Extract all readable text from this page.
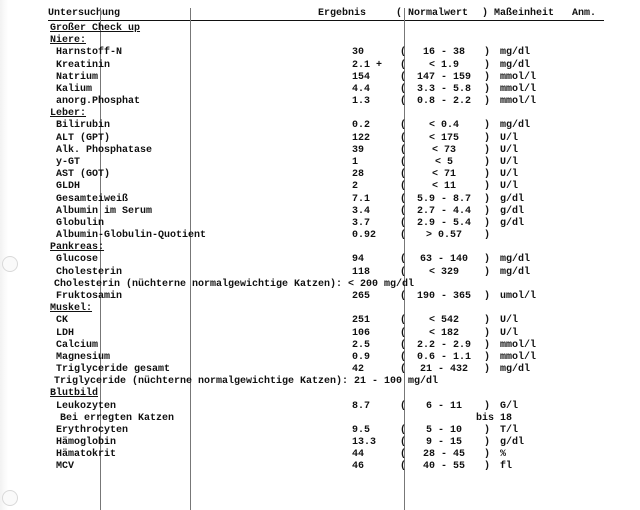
Untersuchung	Ergebnis	( Normalwert ) Maßeinheit Anm.
Großer Check up
Niere:
Harnstoff-N	30	(	16 - 38	) mg/dl
Kreatinin	2.1 + (	< 1.9	) mg/dl
Natrium	154	(	147 - 159	) mmol/l
Kalium	4.4	(	3.3 - 5.8	) mmol/l
anorg.Phosphat	1.3	(	0.8 - 2.2	) mmol/l
Leber:
Bilirubin	0.2	(	< 0.4	) mg/dl
ALT (GPT)	122	(	< 175	) U/l
Alk. Phosphatase	39	(	< 73	) U/l
y-GT	1	(	< 5	) U/l
AST (GOT)	28	(	< 71	) U/l
GLDH	2	(	< 11	) U/l
Gesamteiweiß	7.1	(	5.9 - 8.7	) g/dl
Albumin im Serum	3.4	(	2.7 - 4.4	) g/dl
Globulin	3.7	(	2.9 - 5.4	) g/dl
Albumin-Globulin-Quotient	0.92 (	> 0.57	)
Pankreas:
Glucose	94	(	63 - 140	) mg/dl
Cholesterin	118	(	< 329	) mg/dl
Cholesterin (nüchterne normalgewichtige Katzen): < 200 mg/dl
Fruktosamin	265	(	190 - 365	) umol/l
Muskel:
CK	251	(	< 542	) U/l
LDH	106	(	< 182	) U/l
Calcium	2.5	(	2.2 - 2.9	) mmol/l
Magnesium	0.9	(	0.6 - 1.1	) mmol/l
Triglyceride gesamt	42	(	21 - 432	) mg/dl
Triglyceride (nüchterne normalgewichtige Katzen): 21 - 100 mg/dl
Blutbild
Leukozyten	8.7	(	6 - 11	) G/l
Bei erregten Katzen	bis 18
Erythrocyten	9.5	(	5 - 10	) T/l
Hämoglobin	13.3 (	9 - 15	) g/dl
Hämatokrit	44	(	28 - 45	) %
MCV	46	(	40 - 55	) fl
